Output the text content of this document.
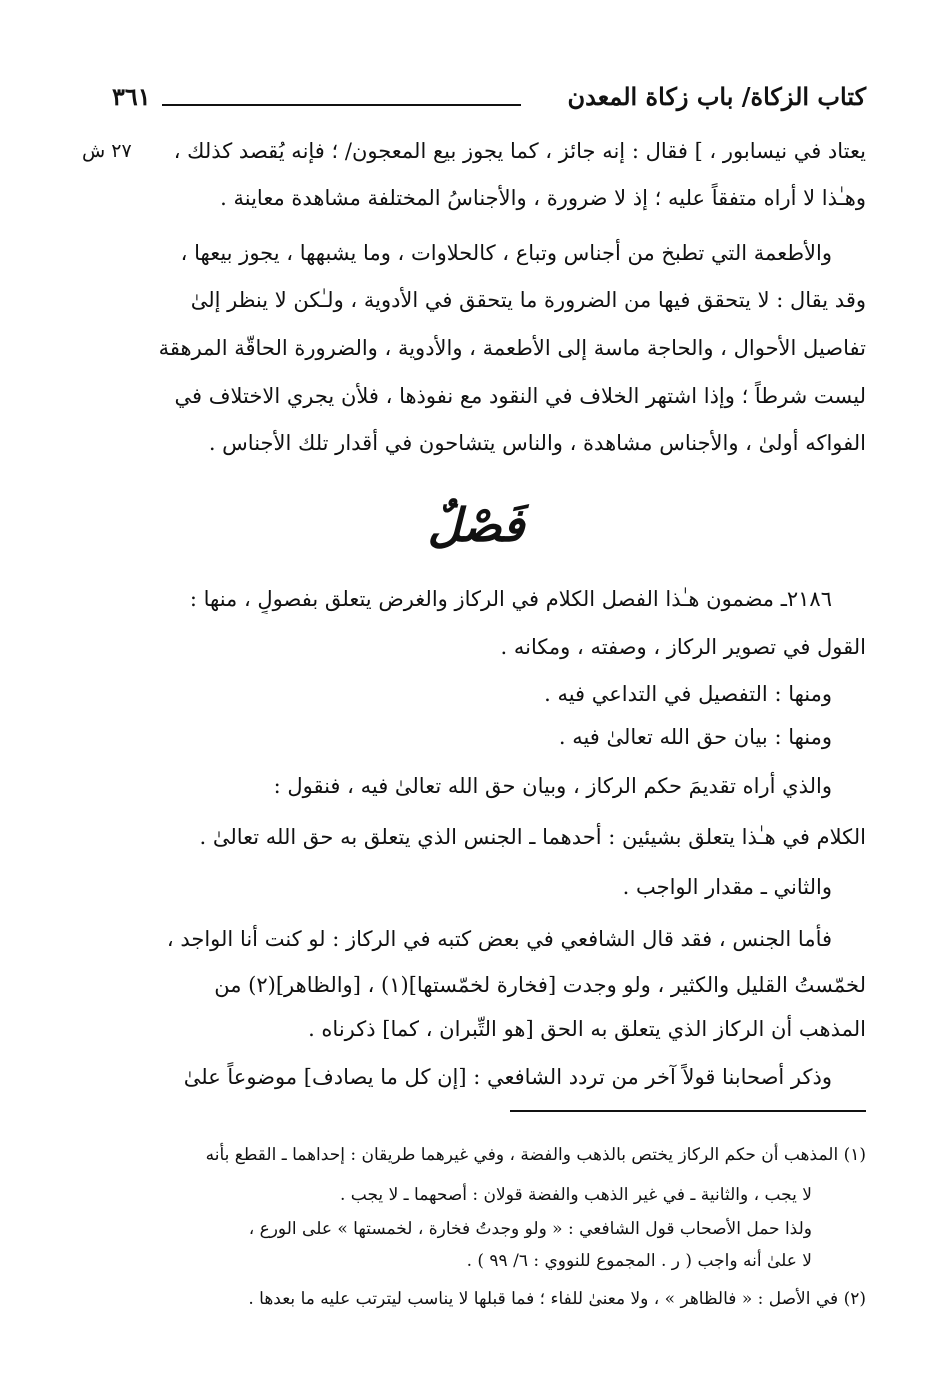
كتاب الزكاة/ باب زكاة المعدن
٣٦١
٢٧ ش	يعتاد في نيسابور ، ] فقال : إنه جائز ، كما يجوز بيع المعجون/ ؛ فإنه يُقصد كذلك ،
وهـٰذا لا أراه متفقاً عليه ؛ إذ لا ضرورة ، والأجناسُ المختلفة مشاهدة معاينة .
والأطعمة التي تطبخ من أجناس وتباع ، كالحلاوات ، وما يشبهها ، يجوز بيعها ،
وقد يقال : لا يتحقق فيها من الضرورة ما يتحقق في الأدوية ، ولـٰكن لا ينظر إلىٰ
تفاصيل الأحوال ، والحاجة ماسة إلى الأطعمة ، والأدوية ، والضرورة الحاقّة المرهقة
ليست شرطاً ؛ وإذا اشتهر الخلاف في النقود مع نفوذها ، فلأن يجري الاختلاف في
الفواكه أولىٰ ، والأجناس مشاهدة ، والناس يتشاحون في أقدار تلك الأجناس .
فَصْلٌ
٢١٨٦ـ مضمون هـٰذا الفصل الكلام في الركاز والغرض يتعلق بفصولٍ ، منها :
القول في تصوير الركاز ، وصفته ، ومكانه .
ومنها : التفصيل في التداعي فيه .
ومنها : بيان حق الله تعالىٰ فيه .
والذي أراه تقديمَ حكم الركاز ، وبيان حق الله تعالىٰ فيه ، فنقول :
الكلام في هـٰذا يتعلق بشيئين : أحدهما ـ الجنس الذي يتعلق به حق الله تعالىٰ .
والثاني ـ مقدار الواجب .
فأما الجنس ، فقد قال الشافعي في بعض كتبه في الركاز : لو كنت أنا الواجد ،
لخمّستُ القليل والكثير ، ولو وجدت [فخارة لخمّستها](١) ، [والظاهر](٢) من
المذهب أن الركاز الذي يتعلق به الحق [هو التِّبران ، كما] ذكرناه .
وذكر أصحابنا قولاً آخر من تردد الشافعي : [إن كل ما يصادف] موضوعاً علىٰ
(١) المذهب أن حكم الركاز يختص بالذهب والفضة ، وفي غيرهما طريقان : إحداهما ـ القطع بأنه
لا يجب ، والثانية ـ في غير الذهب والفضة قولان : أصحهما ـ لا يجب .
ولذا حمل الأصحاب قول الشافعي : « ولو وجدتُ فخارة ، لخمستها » على الورع ،
لا علىٰ أنه واجب ( ر . المجموع للنووي : ٦/ ٩٩ ) .
(٢) في الأصل : « فالظاهر » ، ولا معنىٰ للفاء ؛ فما قبلها لا يناسب ليترتب عليه ما بعدها .
